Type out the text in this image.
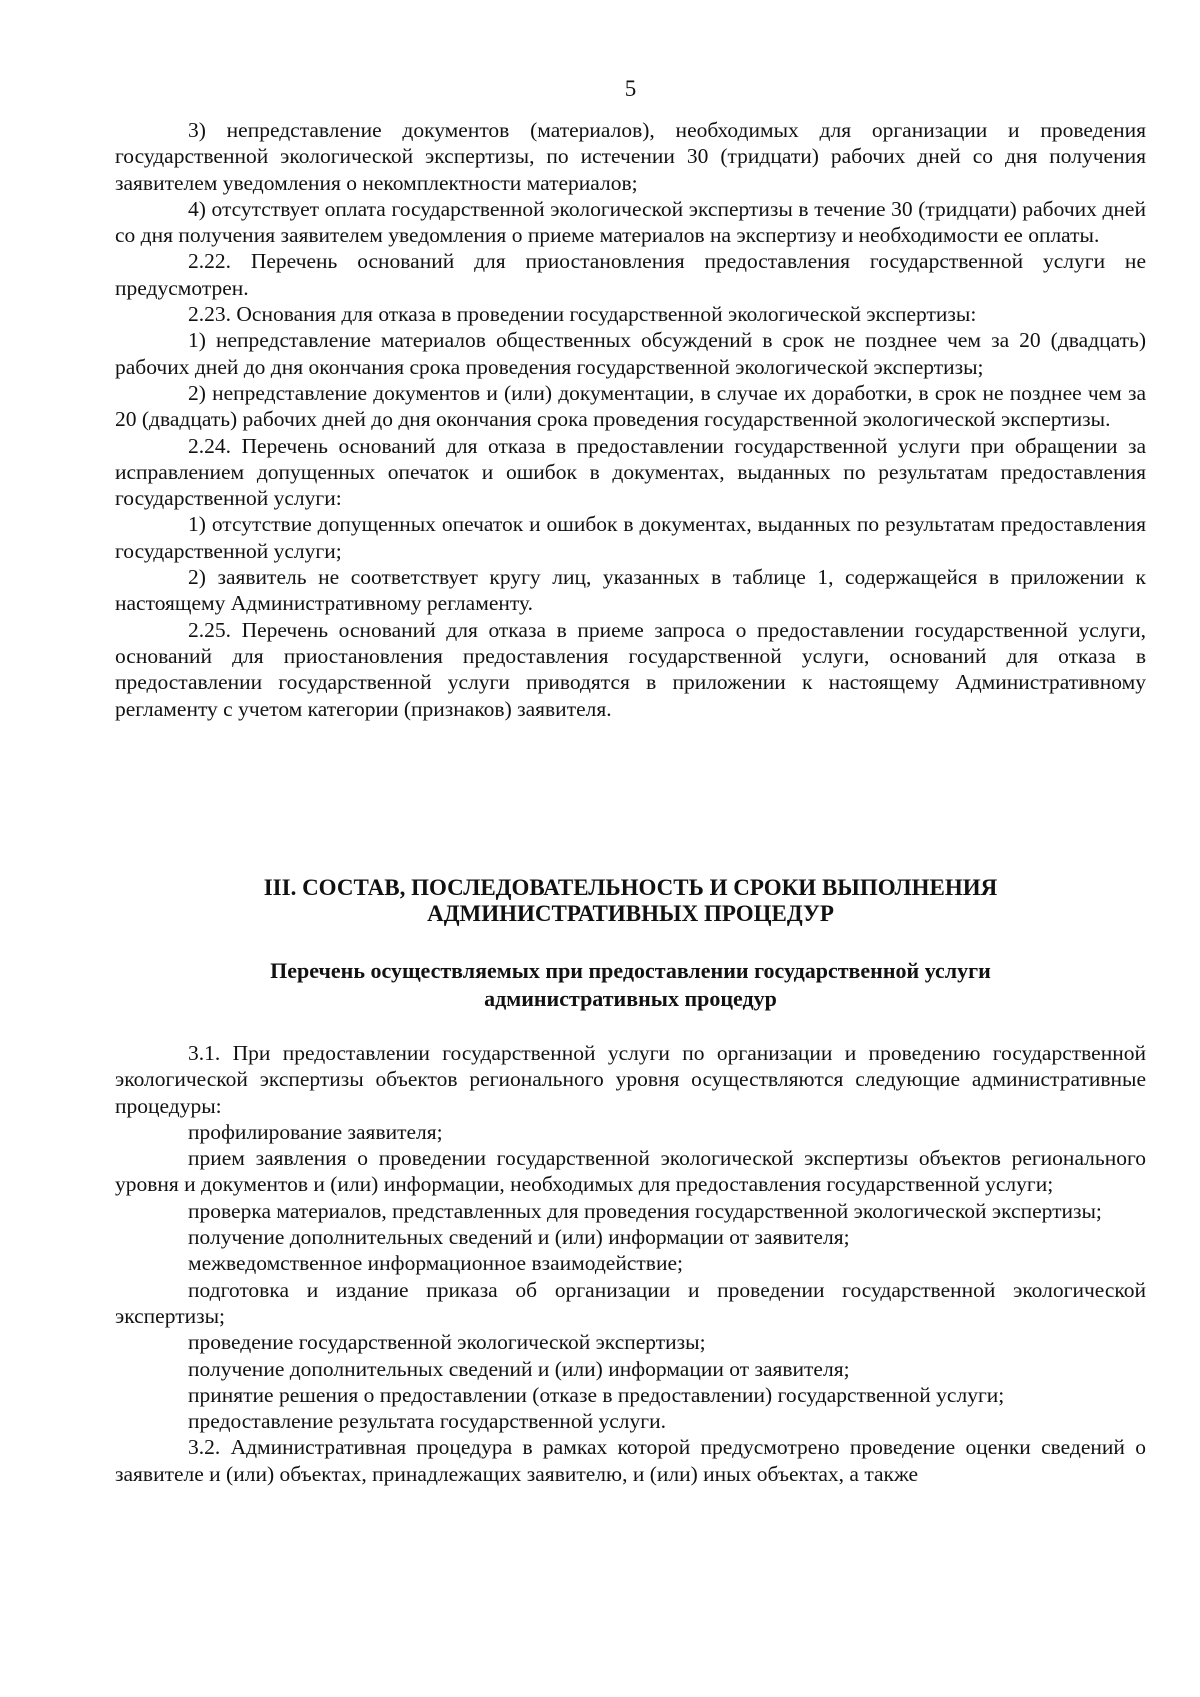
5

3) непредставление документов (материалов), необходимых для организации и проведения государственной экологической экспертизы, по истечении 30 (тридцати) рабочих дней со дня получения заявителем уведомления о некомплектности материалов;

4) отсутствует оплата государственной экологической экспертизы в течение 30 (тридцати) рабочих дней со дня получения заявителем уведомления о приеме материалов на экспертизу и необходимости ее оплаты.

2.22. Перечень оснований для приостановления предоставления государственной услуги не предусмотрен.

2.23. Основания для отказа в проведении государственной экологической экспертизы:

1) непредставление материалов общественных обсуждений в срок не позднее чем за 20 (двадцать) рабочих дней до дня окончания срока проведения государственной экологической экспертизы;

2) непредставление документов и (или) документации, в случае их доработки, в срок не позднее чем за 20 (двадцать) рабочих дней до дня окончания срока проведения государственной экологической экспертизы.

2.24. Перечень оснований для отказа в предоставлении государственной услуги при обращении за исправлением допущенных опечаток и ошибок в документах, выданных по результатам предоставления государственной услуги:

1) отсутствие допущенных опечаток и ошибок в документах, выданных по результатам предоставления государственной услуги;

2) заявитель не соответствует кругу лиц, указанных в таблице 1, содержащейся в приложении к настоящему Административному регламенту.

2.25. Перечень оснований для отказа в приеме запроса о предоставлении государственной услуги, оснований для приостановления предоставления государственной услуги, оснований для отказа в предоставлении государственной услуги приводятся в приложении к настоящему Административному регламенту с учетом категории (признаков) заявителя.

III. СОСТАВ, ПОСЛЕДОВАТЕЛЬНОСТЬ И СРОКИ ВЫПОЛНЕНИЯ АДМИНИСТРАТИВНЫХ ПРОЦЕДУР
Перечень осуществляемых при предоставлении государственной услуги административных процедур

3.1. При предоставлении государственной услуги по организации и проведению государственной экологической экспертизы объектов регионального уровня осуществляются следующие административные процедуры:

профилирование заявителя;

прием заявления о проведении государственной экологической экспертизы объектов регионального уровня и документов и (или) информации, необходимых для предоставления государственной услуги;

проверка материалов, представленных для проведения государственной экологической экспертизы;

получение дополнительных сведений и (или) информации от заявителя;

межведомственное информационное взаимодействие;

подготовка и издание приказа об организации и проведении государственной экологической экспертизы;

проведение государственной экологической экспертизы;

получение дополнительных сведений и (или) информации от заявителя;

принятие решения о предоставлении (отказе в предоставлении) государственной услуги;

предоставление результата государственной услуги.

3.2. Административная процедура в рамках которой предусмотрено проведение оценки сведений о заявителе и (или) объектах, принадлежащих заявителю, и (или) иных объектах, а также
